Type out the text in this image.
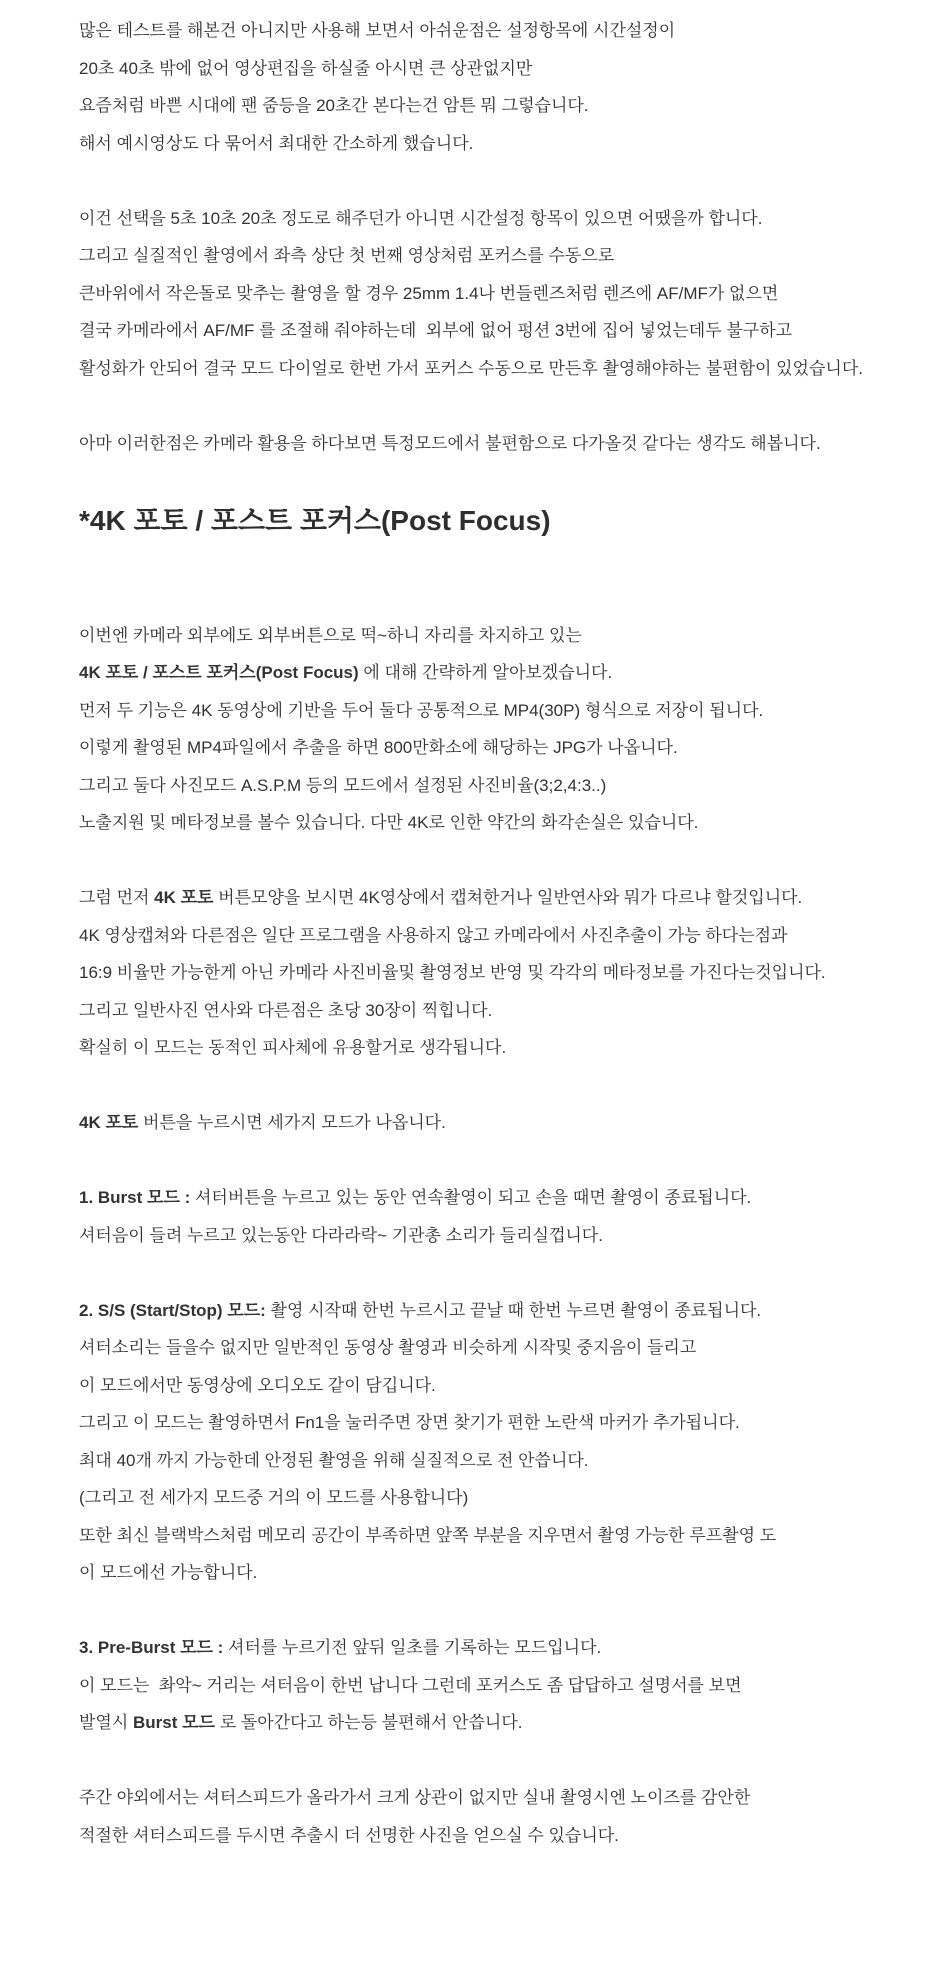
많은 테스트를 해본건 아니지만 사용해 보면서 아쉬운점은 설정항목에 시간설정이
20초 40초 밖에 없어 영상편집을 하실줄 아시면 큰 상관없지만
요즘처럼 바쁜 시대에 팬 줌등을 20초간 본다는건 암튼 뭐 그렇습니다.
해서 예시영상도 다 묶어서 최대한 간소하게 했습니다.
이건 선택을 5초 10초 20초 정도로 해주던가 아니면 시간설정 항목이 있으면 어땠을까 합니다.
그리고 실질적인 촬영에서 좌측 상단 첫 번째 영상처럼 포커스를 수동으로
큰바위에서 작은돌로 맞추는 촬영을 할 경우 25mm 1.4나 번들렌즈처럼 렌즈에 AF/MF가 없으면
결국 카메라에서 AF/MF 를 조절해 줘야하는데  외부에 없어 펑션 3번에 집어 넣었는데두 불구하고
활성화가 안되어 결국 모드 다이얼로 한번 가서 포커스 수동으로 만든후 촬영해야하는 불편함이 있었습니다.
아마 이러한점은 카메라 활용을 하다보면 특정모드에서 불편함으로 다가올것 같다는 생각도 해봅니다.
*4K 포토 / 포스트 포커스(Post Focus)
이번엔 카메라 외부에도 외부버튼으로 떡~하니 자리를 차지하고 있는
4K 포토 / 포스트 포커스(Post Focus) 에 대해 간략하게 알아보겠습니다.
먼저 두 기능은 4K 동영상에 기반을 두어 둘다 공통적으로 MP4(30P) 형식으로 저장이 됩니다.
이렇게 촬영된 MP4파일에서 추출을 하면 800만화소에 해당하는 JPG가 나옵니다.
그리고 둘다 사진모드 A.S.P.M 등의 모드에서 설정된 사진비율(3;2,4:3..)
노출지원 및 메타정보를 볼수 있습니다. 다만 4K로 인한 약간의 화각손실은 있습니다.
그럼 먼저 4K 포토 버튼모양을 보시면 4K영상에서 캡쳐한거나 일반연사와 뭐가 다르냐 할것입니다.
4K 영상캡쳐와 다른점은 일단 프로그램을 사용하지 않고 카메라에서 사진추출이 가능 하다는점과
16:9 비율만 가능한게 아닌 카메라 사진비율및 촬영정보 반영 및 각각의 메타정보를 가진다는것입니다.
그리고 일반사진 연사와 다른점은 초당 30장이 찍힙니다.
확실히 이 모드는 동적인 피사체에 유용할거로 생각됩니다.
4K 포토 버튼을 누르시면 세가지 모드가 나옵니다.
1. Burst 모드 : 셔터버튼을 누르고 있는 동안 연속촬영이 되고 손을 때면 촬영이 종료됩니다.
셔터음이 들려 누르고 있는동안 다라라락~ 기관총 소리가 들리실껍니다.
2. S/S (Start/Stop) 모드: 촬영 시작때 한번 누르시고 끝날 때 한번 누르면 촬영이 종료됩니다.
셔터소리는 들을수 없지만 일반적인 동영상 촬영과 비슷하게 시작및 중지음이 들리고
이 모드에서만 동영상에 오디오도 같이 담깁니다.
그리고 이 모드는 촬영하면서 Fn1을 눌러주면 장면 찾기가 편한 노란색 마커가 추가됩니다.
최대 40개 까지 가능한데 안정된 촬영을 위해 실질적으로 전 안씁니다.
(그리고 전 세가지 모드중 거의 이 모드를 사용합니다)
또한 최신 블랙박스처럼 메모리 공간이 부족하면 앞쪽 부분을 지우면서 촬영 가능한 루프촬영 도
이 모드에선 가능합니다.
3. Pre-Burst 모드 : 셔터를 누르기전 앞뒤 일초를 기록하는 모드입니다.
이 모드는  촤악~ 거리는 셔터음이 한번 납니다 그런데 포커스도 좀 답답하고 설명서를 보면
발열시 Burst 모드 로 돌아간다고 하는등 불편해서 안씁니다.
주간 야외에서는 셔터스피드가 올라가서 크게 상관이 없지만 실내 촬영시엔 노이즈를 감안한
적절한 셔터스피드를 두시면 추출시 더 선명한 사진을 얻으실 수 있습니다.
